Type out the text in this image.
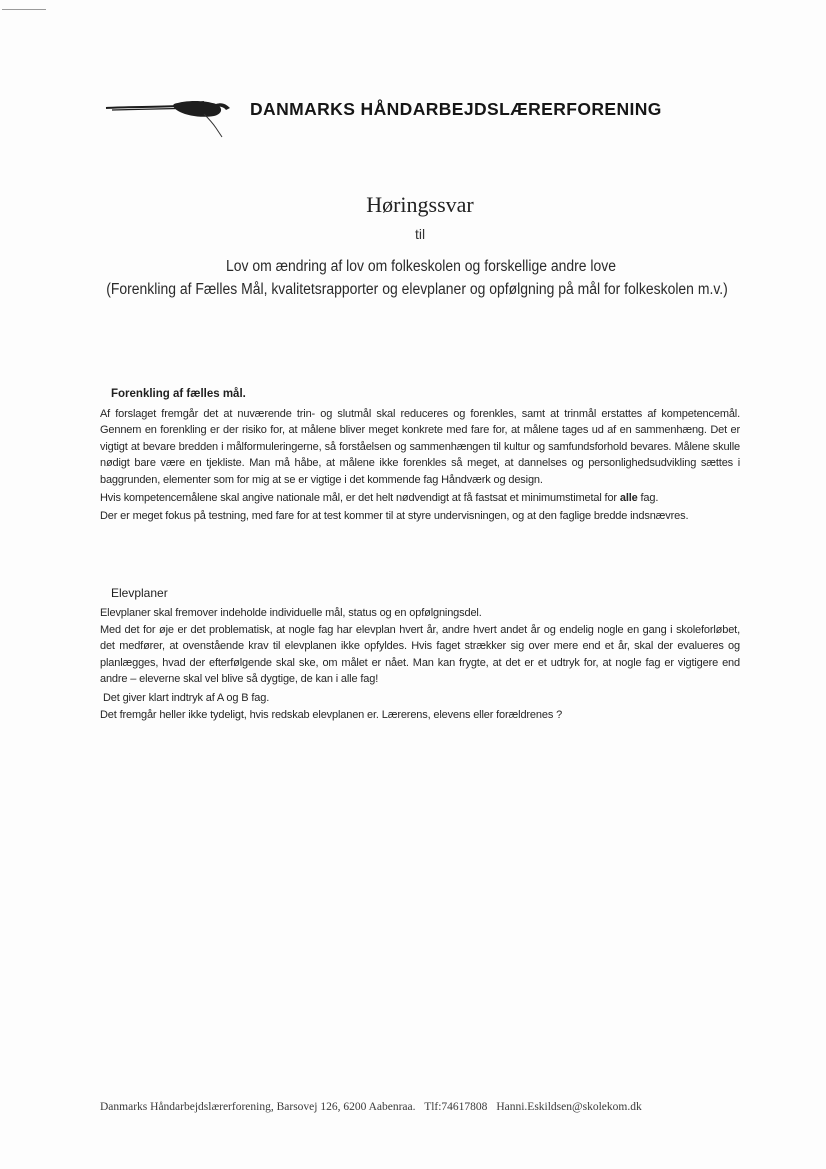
DANMARKS HÅNDARBEJDSLÆRERFORENING
Høringssvar
til
Lov om ændring af lov om folkeskolen og forskellige andre love
(Forenkling af Fælles Mål, kvalitetsrapporter og elevplaner og opfølgning på mål for folkeskolen m.v.)
Forenkling af fælles mål.
Af forslaget fremgår det at nuværende trin- og slutmål skal reduceres og forenkles, samt at trinmål erstattes af kompetencemål. Gennem en forenkling er der risiko for, at målene bliver meget konkrete med fare for, at målene tages ud af en sammenhæng. Det er vigtigt at bevare bredden i målformuleringerne, så forståelsen og sammenhængen til kultur og samfundsforhold bevares. Målene skulle nødigt bare være en tjekliste. Man må håbe, at målene ikke forenkles så meget, at dannelses og personlighedsudvikling sættes i baggrunden, elementer som for mig at se er vigtige i det kommende fag Håndværk og design.
Hvis kompetencemålene skal angive nationale mål, er det helt nødvendigt at få fastsat et minimumstimetal for alle fag.
Der er meget fokus på testning, med fare for at test kommer til at styre undervisningen, og at den faglige bredde indsnævres.
Elevplaner
Elevplaner skal fremover indeholde individuelle mål, status og en opfølgningsdel.
Med det for øje er det problematisk, at nogle fag har elevplan hvert år, andre hvert andet år og endelig nogle en gang i skoleforløbet, det medfører, at ovenstående krav til elevplanen ikke opfyldes. Hvis faget strækker sig over mere end et år, skal der evalueres og planlægges, hvad der efterfølgende skal ske, om målet er nået. Man kan frygte, at det er et udtryk for, at nogle fag er vigtigere end andre – eleverne skal vel blive så dygtige, de kan i alle fag!
Det giver klart indtryk af A og B fag.
Det fremgår heller ikke tydeligt, hvis redskab elevplanen er. Lærerens, elevens eller forældrenes ?
Danmarks Håndarbejdslærerforening, Barsovej 126, 6200 Aabenraa. Tlf:74617808 Hanni.Eskildsen@skolekom.dk
